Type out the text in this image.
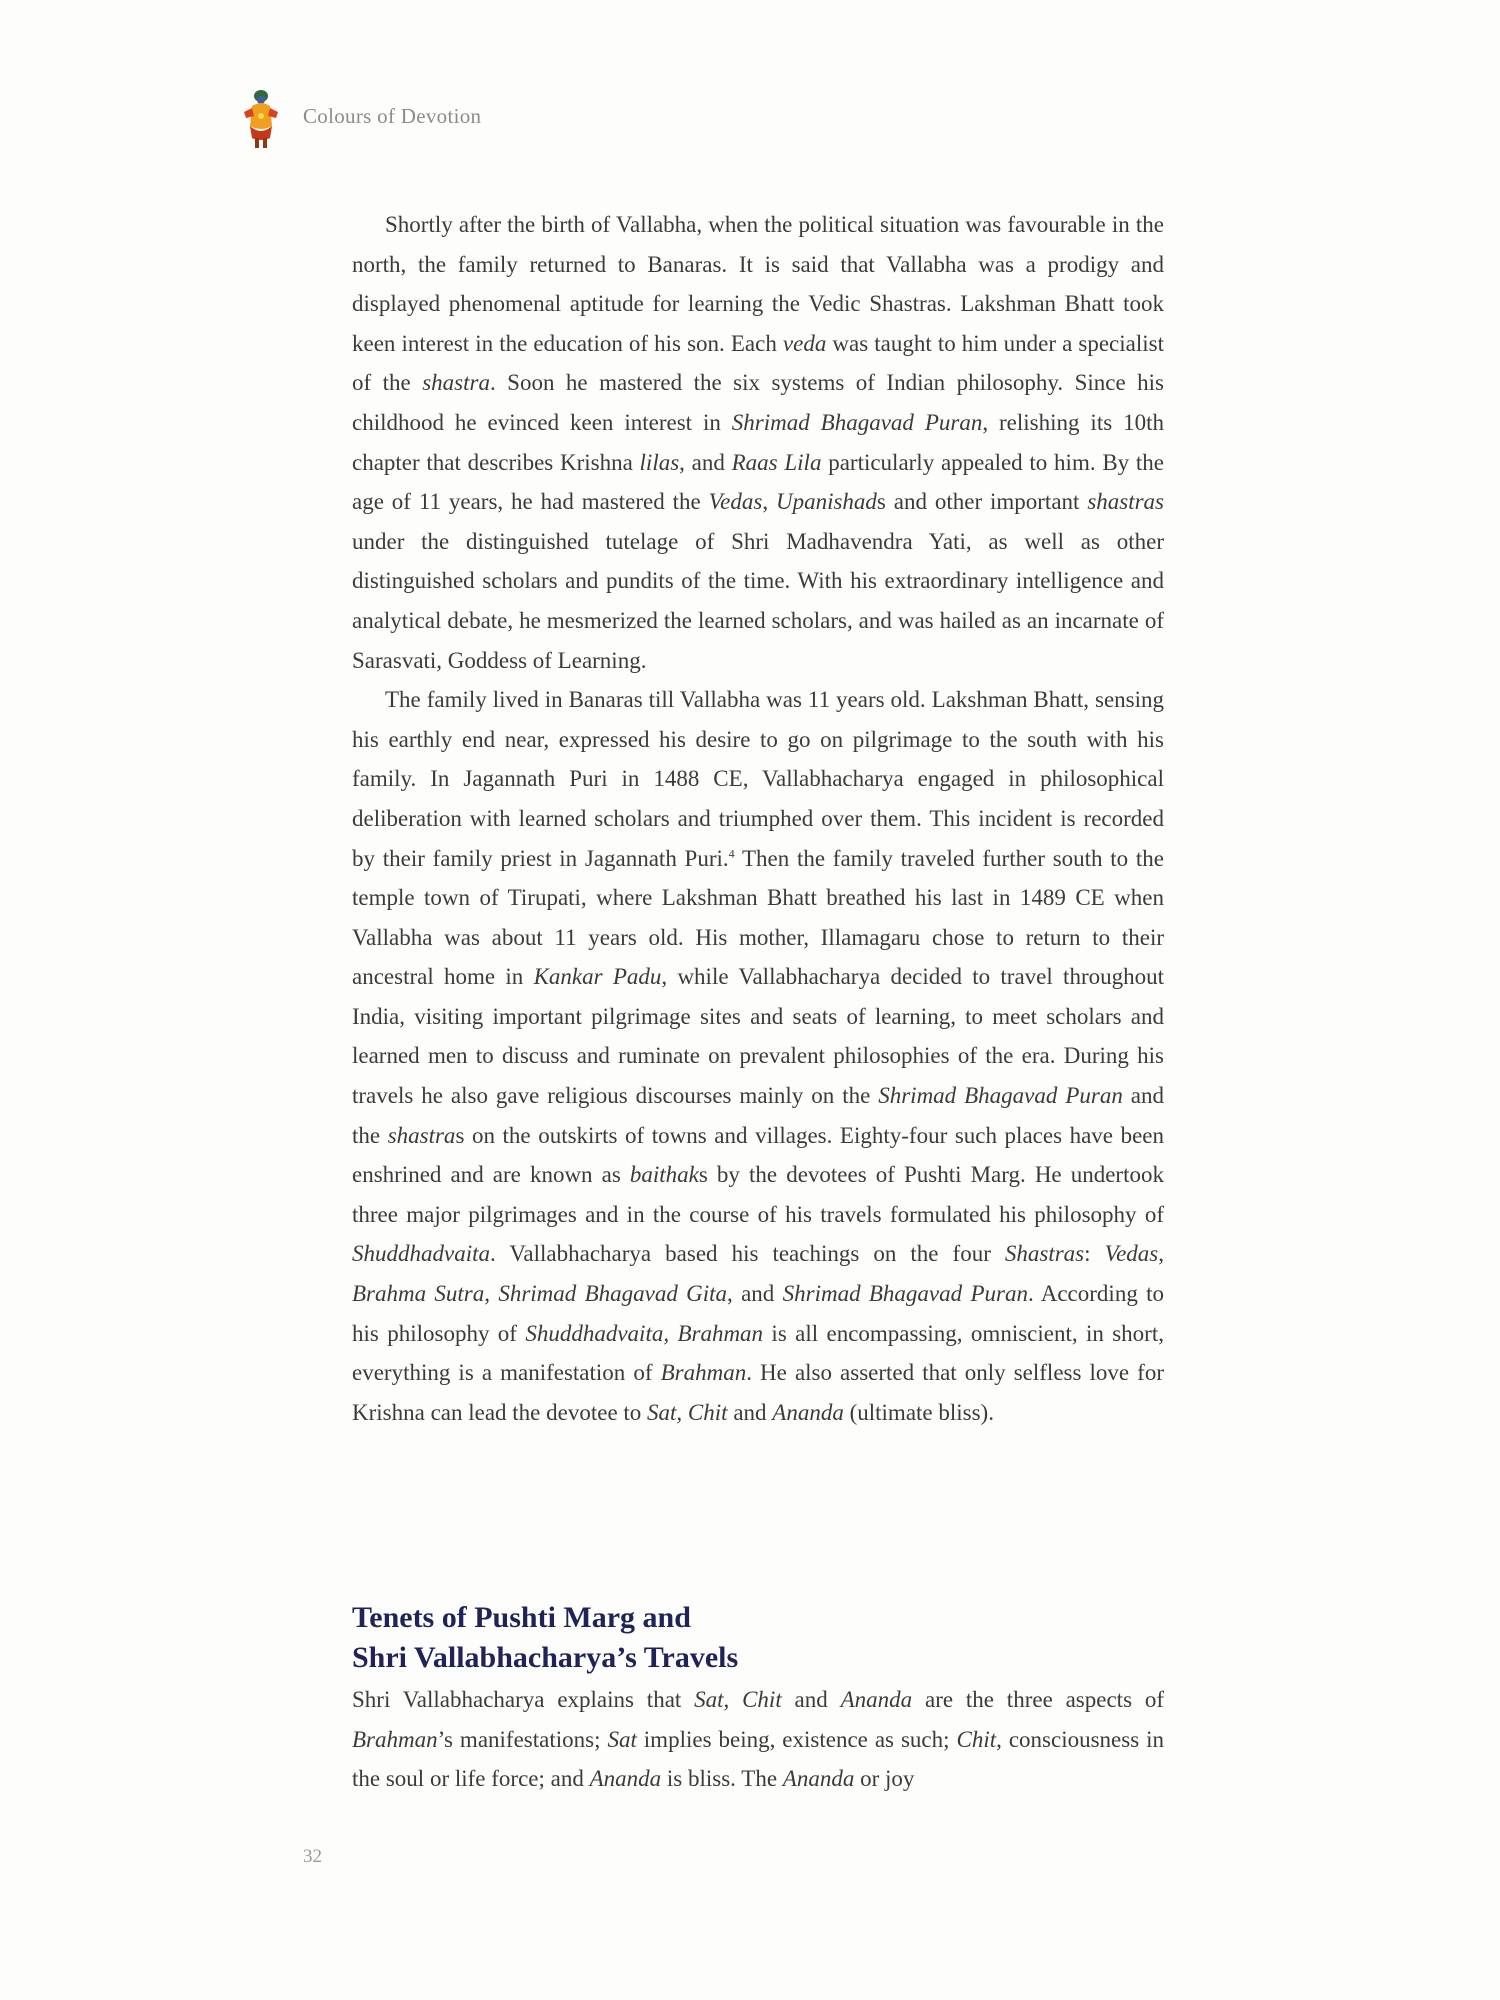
Colours of Devotion

Shortly after the birth of Vallabha, when the political situation was favourable in the north, the family returned to Banaras. It is said that Vallabha was a prodigy and displayed phenomenal aptitude for learning the Vedic Shastras. Lakshman Bhatt took keen interest in the education of his son. Each veda was taught to him under a specialist of the shastra. Soon he mastered the six systems of Indian philosophy. Since his childhood he evinced keen interest in Shrimad Bhagavad Puran, relishing its 10th chapter that describes Krishna lilas, and Raas Lila particularly appealed to him. By the age of 11 years, he had mastered the Vedas, Upanishads and other important shastras under the distinguished tutelage of Shri Madhavendra Yati, as well as other distinguished scholars and pundits of the time. With his extraordinary intelligence and analytical debate, he mesmerized the learned scholars, and was hailed as an incarnate of Sarasvati, Goddess of Learning.

The family lived in Banaras till Vallabha was 11 years old. Lakshman Bhatt, sensing his earthly end near, expressed his desire to go on pilgrimage to the south with his family. In Jagannath Puri in 1488 CE, Vallabhacharya engaged in philosophical deliberation with learned scholars and triumphed over them. This incident is recorded by their family priest in Jagannath Puri.$^4$ Then the family traveled further south to the temple town of Tirupati, where Lakshman Bhatt breathed his last in 1489 CE when Vallabha was about 11 years old. His mother, Illamagaru chose to return to their ancestral home in Kankar Padu, while Vallabhacharya decided to travel throughout India, visiting important pilgrimage sites and seats of learning, to meet scholars and learned men to discuss and ruminate on prevalent philosophies of the era. During his travels he also gave religious discourses mainly on the Shrimad Bhagavad Puran and the shastras on the outskirts of towns and villages. Eighty-four such places have been enshrined and are known as baithaks by the devotees of Pushti Marg. He undertook three major pilgrimages and in the course of his travels formulated his philosophy of Shuddhadvaita. Vallabhacharya based his teachings on the four Shastras: Vedas, Brahma Sutra, Shrimad Bhagavad Gita, and Shrimad Bhagavad Puran. According to his philosophy of Shuddhadvaita, Brahman is all encompassing, omniscient, in short, everything is a manifestation of Brahman. He also asserted that only selfless love for Krishna can lead the devotee to Sat, Chit and Ananda (ultimate bliss).

Tenets of Pushti Marg and
Shri Vallabhacharya’s Travels

Shri Vallabhacharya explains that Sat, Chit and Ananda are the three aspects of Brahman’s manifestations; Sat implies being, existence as such; Chit, consciousness in the soul or life force; and Ananda is bliss. The Ananda or joy

32
